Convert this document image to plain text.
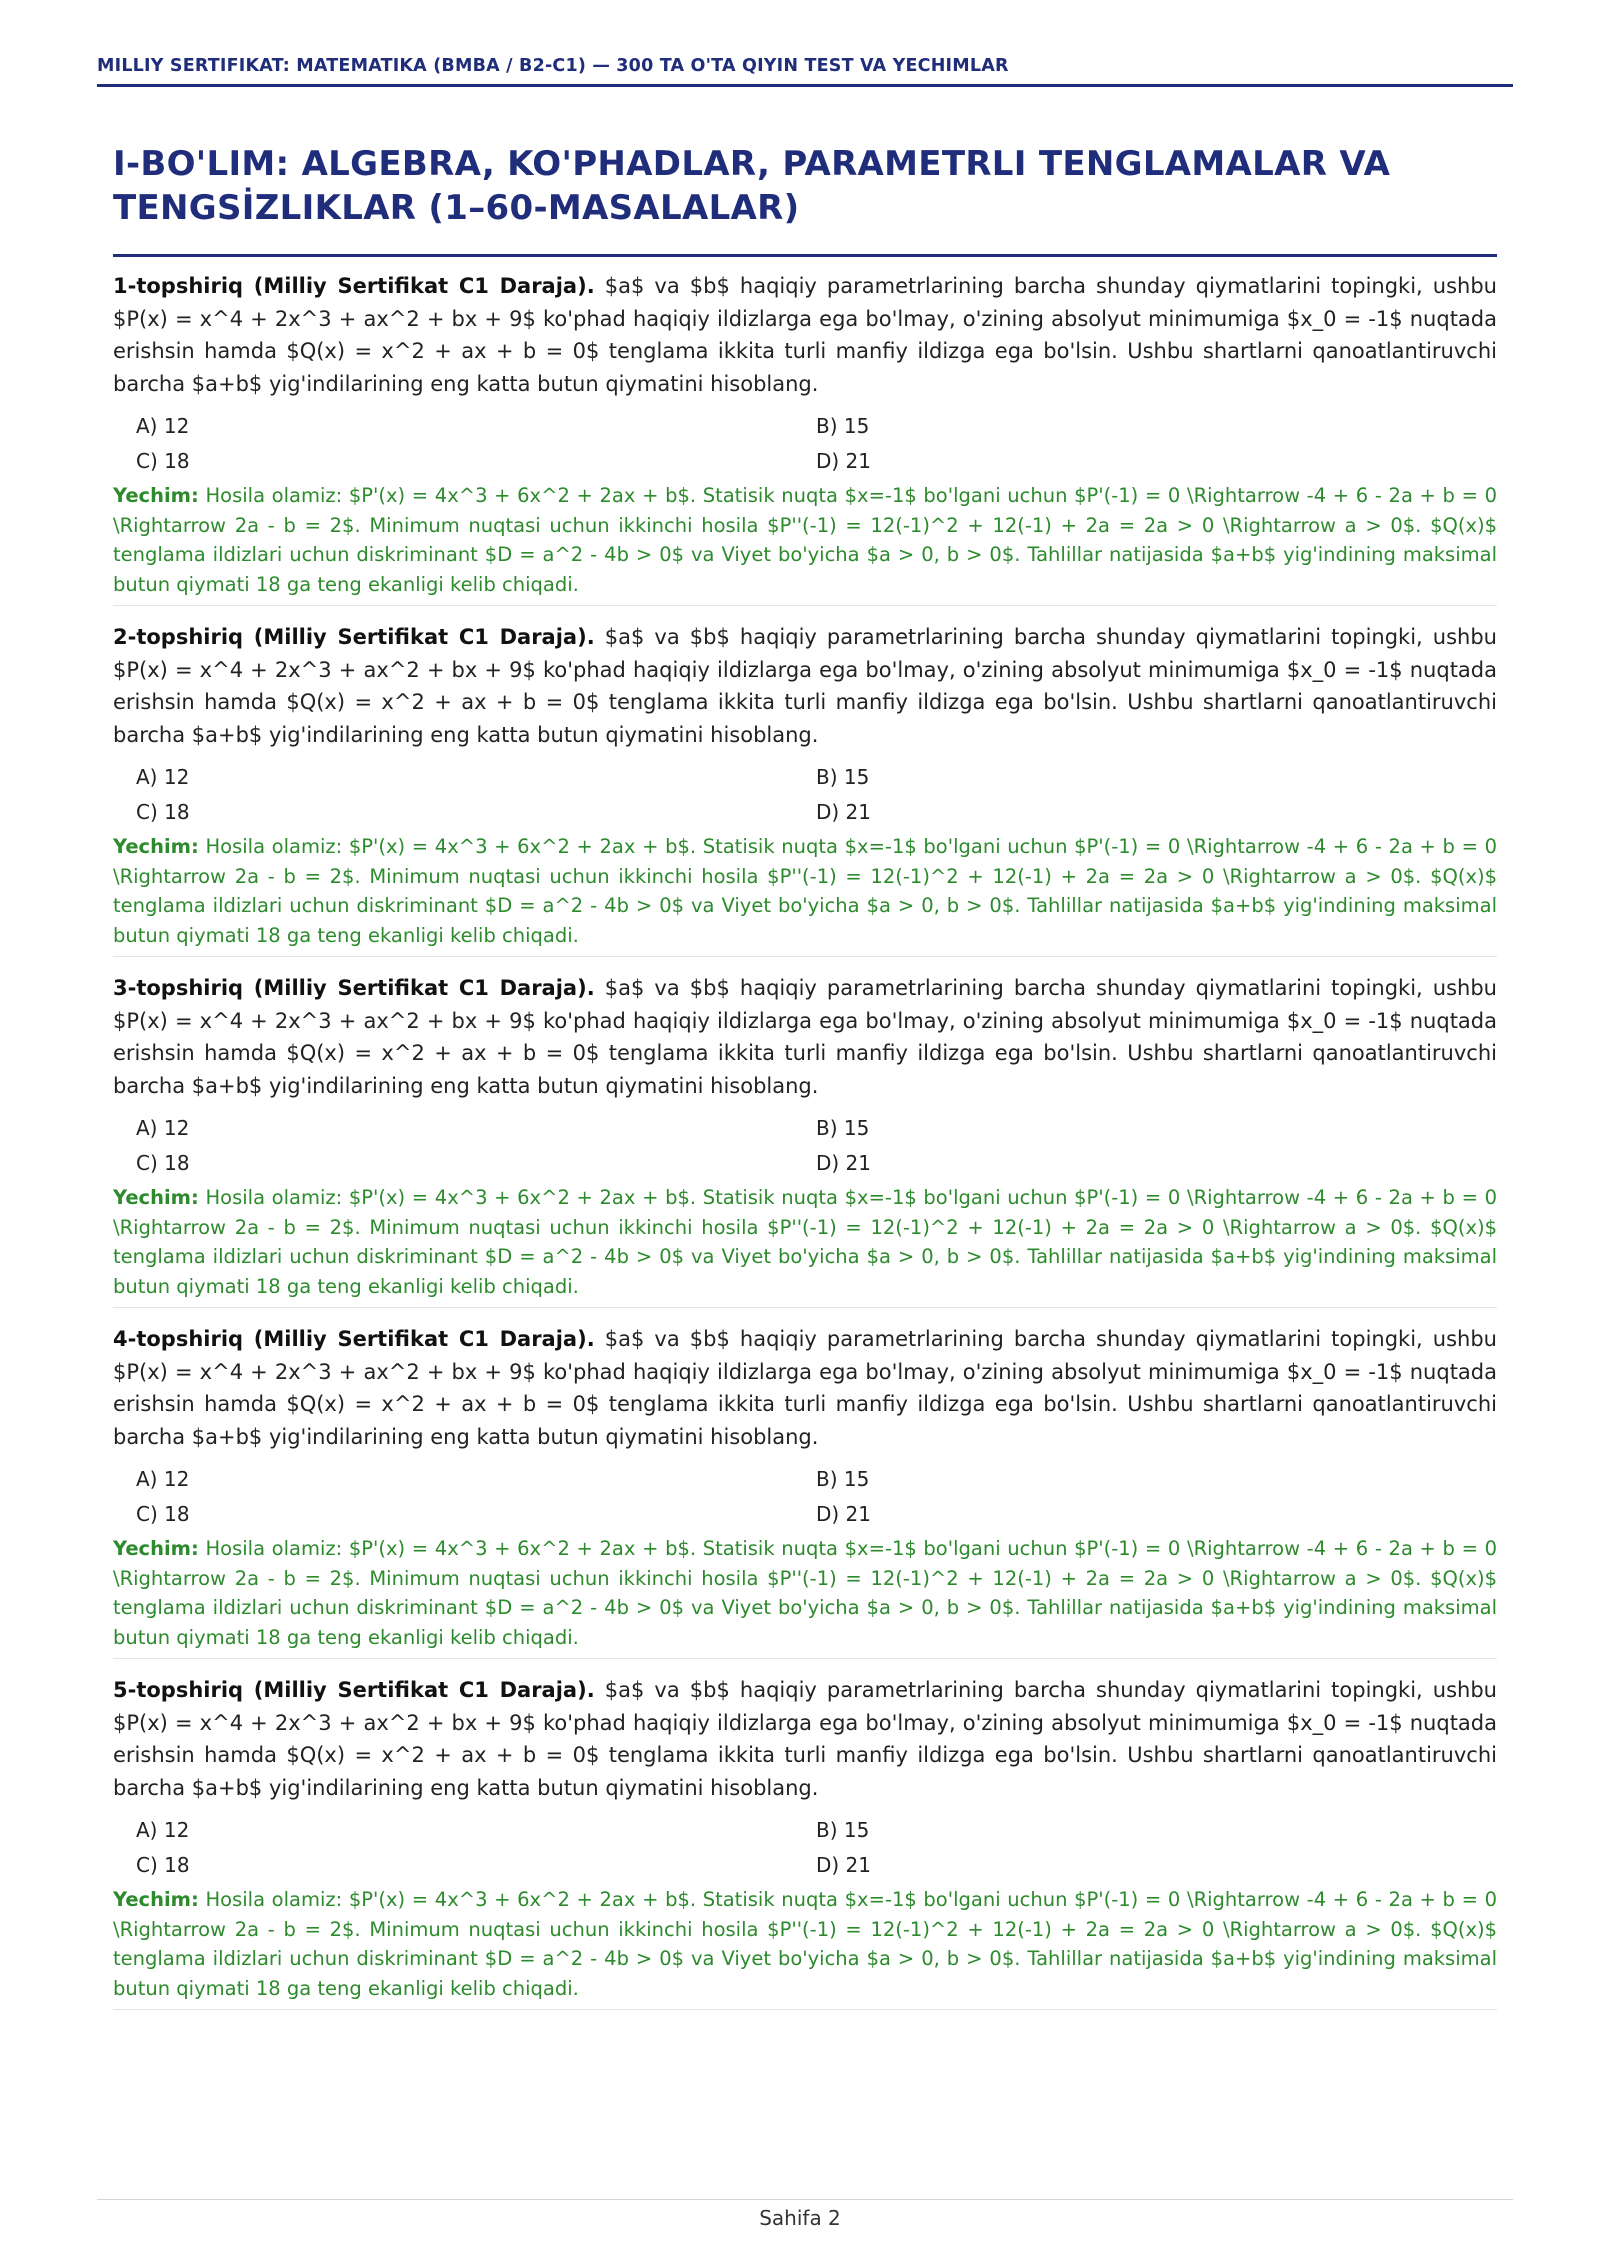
MILLIY SERTIFIKAT: MATEMATIKA (BMBA / B2-C1) — 300 TA O'TA QIYIN TEST VA YECHIMLAR
I-BO'LIM: ALGEBRA, KO'PHADLAR, PARAMETRLI TENGLAMALAR VA TENGSİZLIKLAR (1–60-MASALALAR)

1-topshiriq (Milliy Sertifikat C1 Daraja). $a$ va $b$ haqiqiy parametrlarining barcha shunday qiymatlarini topingki, ushbu $P(x) = x^4 + 2x^3 + ax^2 + bx + 9$ ko'phad haqiqiy ildizlarga ega bo'lmay, o'zining absolyut minimumiga $x_0 = -1$ nuqtada erishsin hamda $Q(x) = x^2 + ax + b = 0$ tenglama ikkita turli manfiy ildizga ega bo'lsin. Ushbu shartlarni qanoatlantiruvchi barcha $a+b$ yig'indilarining eng katta butun qiymatini hisoblang.

A) 12	B) 15
C) 18	D) 21

Yechim: Hosila olamiz: $P'(x) = 4x^3 + 6x^2 + 2ax + b$. Statisik nuqta $x=-1$ bo'lgani uchun $P'(-1) = 0 \Rightarrow -4 + 6 - 2a + b = 0 \Rightarrow 2a - b = 2$. Minimum nuqtasi uchun ikkinchi hosila $P''(-1) = 12(-1)^2 + 12(-1) + 2a = 2a > 0 \Rightarrow a > 0$. $Q(x)$ tenglama ildizlari uchun diskriminant $D = a^2 - 4b > 0$ va Viyet bo'yicha $a > 0, b > 0$. Tahlillar natijasida $a+b$ yig'indining maksimal butun qiymati 18 ga teng ekanligi kelib chiqadi.

2-topshiriq (Milliy Sertifikat C1 Daraja). $a$ va $b$ haqiqiy parametrlarining barcha shunday qiymatlarini topingki, ushbu $P(x) = x^4 + 2x^3 + ax^2 + bx + 9$ ko'phad haqiqiy ildizlarga ega bo'lmay, o'zining absolyut minimumiga $x_0 = -1$ nuqtada erishsin hamda $Q(x) = x^2 + ax + b = 0$ tenglama ikkita turli manfiy ildizga ega bo'lsin. Ushbu shartlarni qanoatlantiruvchi barcha $a+b$ yig'indilarining eng katta butun qiymatini hisoblang.

A) 12	B) 15
C) 18	D) 21

Yechim: Hosila olamiz: $P'(x) = 4x^3 + 6x^2 + 2ax + b$. Statisik nuqta $x=-1$ bo'lgani uchun $P'(-1) = 0 \Rightarrow -4 + 6 - 2a + b = 0 \Rightarrow 2a - b = 2$. Minimum nuqtasi uchun ikkinchi hosila $P''(-1) = 12(-1)^2 + 12(-1) + 2a = 2a > 0 \Rightarrow a > 0$. $Q(x)$ tenglama ildizlari uchun diskriminant $D = a^2 - 4b > 0$ va Viyet bo'yicha $a > 0, b > 0$. Tahlillar natijasida $a+b$ yig'indining maksimal butun qiymati 18 ga teng ekanligi kelib chiqadi.

3-topshiriq (Milliy Sertifikat C1 Daraja). $a$ va $b$ haqiqiy parametrlarining barcha shunday qiymatlarini topingki, ushbu $P(x) = x^4 + 2x^3 + ax^2 + bx + 9$ ko'phad haqiqiy ildizlarga ega bo'lmay, o'zining absolyut minimumiga $x_0 = -1$ nuqtada erishsin hamda $Q(x) = x^2 + ax + b = 0$ tenglama ikkita turli manfiy ildizga ega bo'lsin. Ushbu shartlarni qanoatlantiruvchi barcha $a+b$ yig'indilarining eng katta butun qiymatini hisoblang.

A) 12	B) 15
C) 18	D) 21

Yechim: Hosila olamiz: $P'(x) = 4x^3 + 6x^2 + 2ax + b$. Statisik nuqta $x=-1$ bo'lgani uchun $P'(-1) = 0 \Rightarrow -4 + 6 - 2a + b = 0 \Rightarrow 2a - b = 2$. Minimum nuqtasi uchun ikkinchi hosila $P''(-1) = 12(-1)^2 + 12(-1) + 2a = 2a > 0 \Rightarrow a > 0$. $Q(x)$ tenglama ildizlari uchun diskriminant $D = a^2 - 4b > 0$ va Viyet bo'yicha $a > 0, b > 0$. Tahlillar natijasida $a+b$ yig'indining maksimal butun qiymati 18 ga teng ekanligi kelib chiqadi.

4-topshiriq (Milliy Sertifikat C1 Daraja). $a$ va $b$ haqiqiy parametrlarining barcha shunday qiymatlarini topingki, ushbu $P(x) = x^4 + 2x^3 + ax^2 + bx + 9$ ko'phad haqiqiy ildizlarga ega bo'lmay, o'zining absolyut minimumiga $x_0 = -1$ nuqtada erishsin hamda $Q(x) = x^2 + ax + b = 0$ tenglama ikkita turli manfiy ildizga ega bo'lsin. Ushbu shartlarni qanoatlantiruvchi barcha $a+b$ yig'indilarining eng katta butun qiymatini hisoblang.

A) 12	B) 15
C) 18	D) 21

Yechim: Hosila olamiz: $P'(x) = 4x^3 + 6x^2 + 2ax + b$. Statisik nuqta $x=-1$ bo'lgani uchun $P'(-1) = 0 \Rightarrow -4 + 6 - 2a + b = 0 \Rightarrow 2a - b = 2$. Minimum nuqtasi uchun ikkinchi hosila $P''(-1) = 12(-1)^2 + 12(-1) + 2a = 2a > 0 \Rightarrow a > 0$. $Q(x)$ tenglama ildizlari uchun diskriminant $D = a^2 - 4b > 0$ va Viyet bo'yicha $a > 0, b > 0$. Tahlillar natijasida $a+b$ yig'indining maksimal butun qiymati 18 ga teng ekanligi kelib chiqadi.

5-topshiriq (Milliy Sertifikat C1 Daraja). $a$ va $b$ haqiqiy parametrlarining barcha shunday qiymatlarini topingki, ushbu $P(x) = x^4 + 2x^3 + ax^2 + bx + 9$ ko'phad haqiqiy ildizlarga ega bo'lmay, o'zining absolyut minimumiga $x_0 = -1$ nuqtada erishsin hamda $Q(x) = x^2 + ax + b = 0$ tenglama ikkita turli manfiy ildizga ega bo'lsin. Ushbu shartlarni qanoatlantiruvchi barcha $a+b$ yig'indilarining eng katta butun qiymatini hisoblang.

A) 12	B) 15
C) 18	D) 21

Yechim: Hosila olamiz: $P'(x) = 4x^3 + 6x^2 + 2ax + b$. Statisik nuqta $x=-1$ bo'lgani uchun $P'(-1) = 0 \Rightarrow -4 + 6 - 2a + b = 0 \Rightarrow 2a - b = 2$. Minimum nuqtasi uchun ikkinchi hosila $P''(-1) = 12(-1)^2 + 12(-1) + 2a = 2a > 0 \Rightarrow a > 0$. $Q(x)$ tenglama ildizlari uchun diskriminant $D = a^2 - 4b > 0$ va Viyet bo'yicha $a > 0, b > 0$. Tahlillar natijasida $a+b$ yig'indining maksimal butun qiymati 18 ga teng ekanligi kelib chiqadi.

Sahifa 2
